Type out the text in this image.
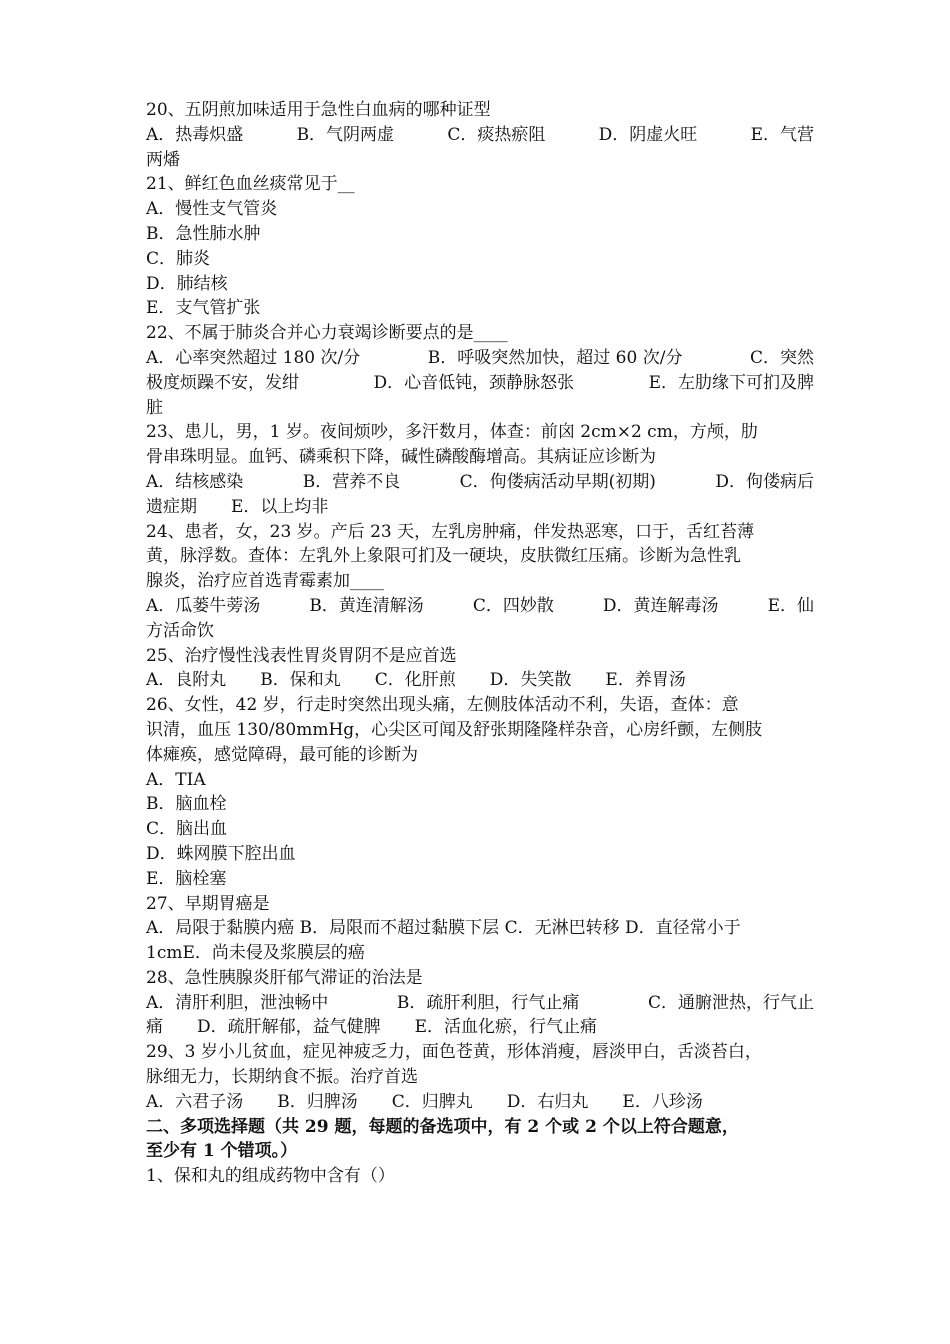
20、五阴煎加味适用于急性白血病的哪种证型
A．热毒炽盛	B．气阴两虚	C．痰热瘀阻	D．阴虚火旺	E．气营
两燔
21、鲜红色血丝痰常见于__
A．慢性支气管炎
B．急性肺水肿
C．肺炎
D．肺结核
E．支气管扩张
22、不属于肺炎合并心力衰竭诊断要点的是____
A．心率突然超过 180 次/分	B．呼吸突然加快，超过 60 次/分	C．突然
极度烦躁不安，发绀	D．心音低钝，颈静脉怒张	E．左肋缘下可扪及脾
脏
23、患儿，男，1 岁。夜间烦吵，多汗数月，体查：前囟 2cm×2 cm，方颅，肋
骨串珠明显。血钙、磷乘积下降，碱性磷酸酶增高。其病证应诊断为
A．结核感染	B．营养不良	C．佝偻病活动早期(初期)	D．佝偻病后
遗症期　　E．以上均非
24、患者，女，23 岁。产后 23 天，左乳房肿痛，伴发热恶寒，口于，舌红苔薄
黄，脉浮数。查体：左乳外上象限可扪及一硬块，皮肤微红压痛。诊断为急性乳
腺炎，治疗应首选青霉素加____
A．瓜蒌牛蒡汤	B．黄连清解汤	C．四妙散	D．黄连解毒汤	E．仙
方活命饮
25、治疗慢性浅表性胃炎胃阴不是应首选
A．良附丸　　B．保和丸　　C．化肝煎　　D．失笑散　　E．养胃汤
26、女性，42 岁，行走时突然出现头痛，左侧肢体活动不利，失语，查体：意
识清，血压 130/80mmHg，心尖区可闻及舒张期隆隆样杂音，心房纤颤，左侧肢
体瘫痪，感觉障碍，最可能的诊断为
A．TIA
B．脑血栓
C．脑出血
D．蛛网膜下腔出血
E．脑栓塞
27、早期胃癌是
A．局限于黏膜内癌 B．局限而不超过黏膜下层 C．无淋巴转移 D．直径常小于
1cmE．尚未侵及浆膜层的癌
28、急性胰腺炎肝郁气滞证的治法是
A．清肝利胆，泄浊畅中	B．疏肝利胆，行气止痛	C．通腑泄热，行气止
痛　　D．疏肝解郁，益气健脾　　E．活血化瘀，行气止痛
29、3 岁小儿贫血，症见神疲乏力，面色苍黄，形体消瘦，唇淡甲白，舌淡苔白，
脉细无力，长期纳食不振。治疗首选
A．六君子汤　　B．归脾汤　　C．归脾丸　　D．右归丸　　E．八珍汤
二、多项选择题（共 29 题，每题的备选项中，有 2 个或 2 个以上符合题意，
至少有 1 个错项。）
1、保和丸的组成药物中含有（）
